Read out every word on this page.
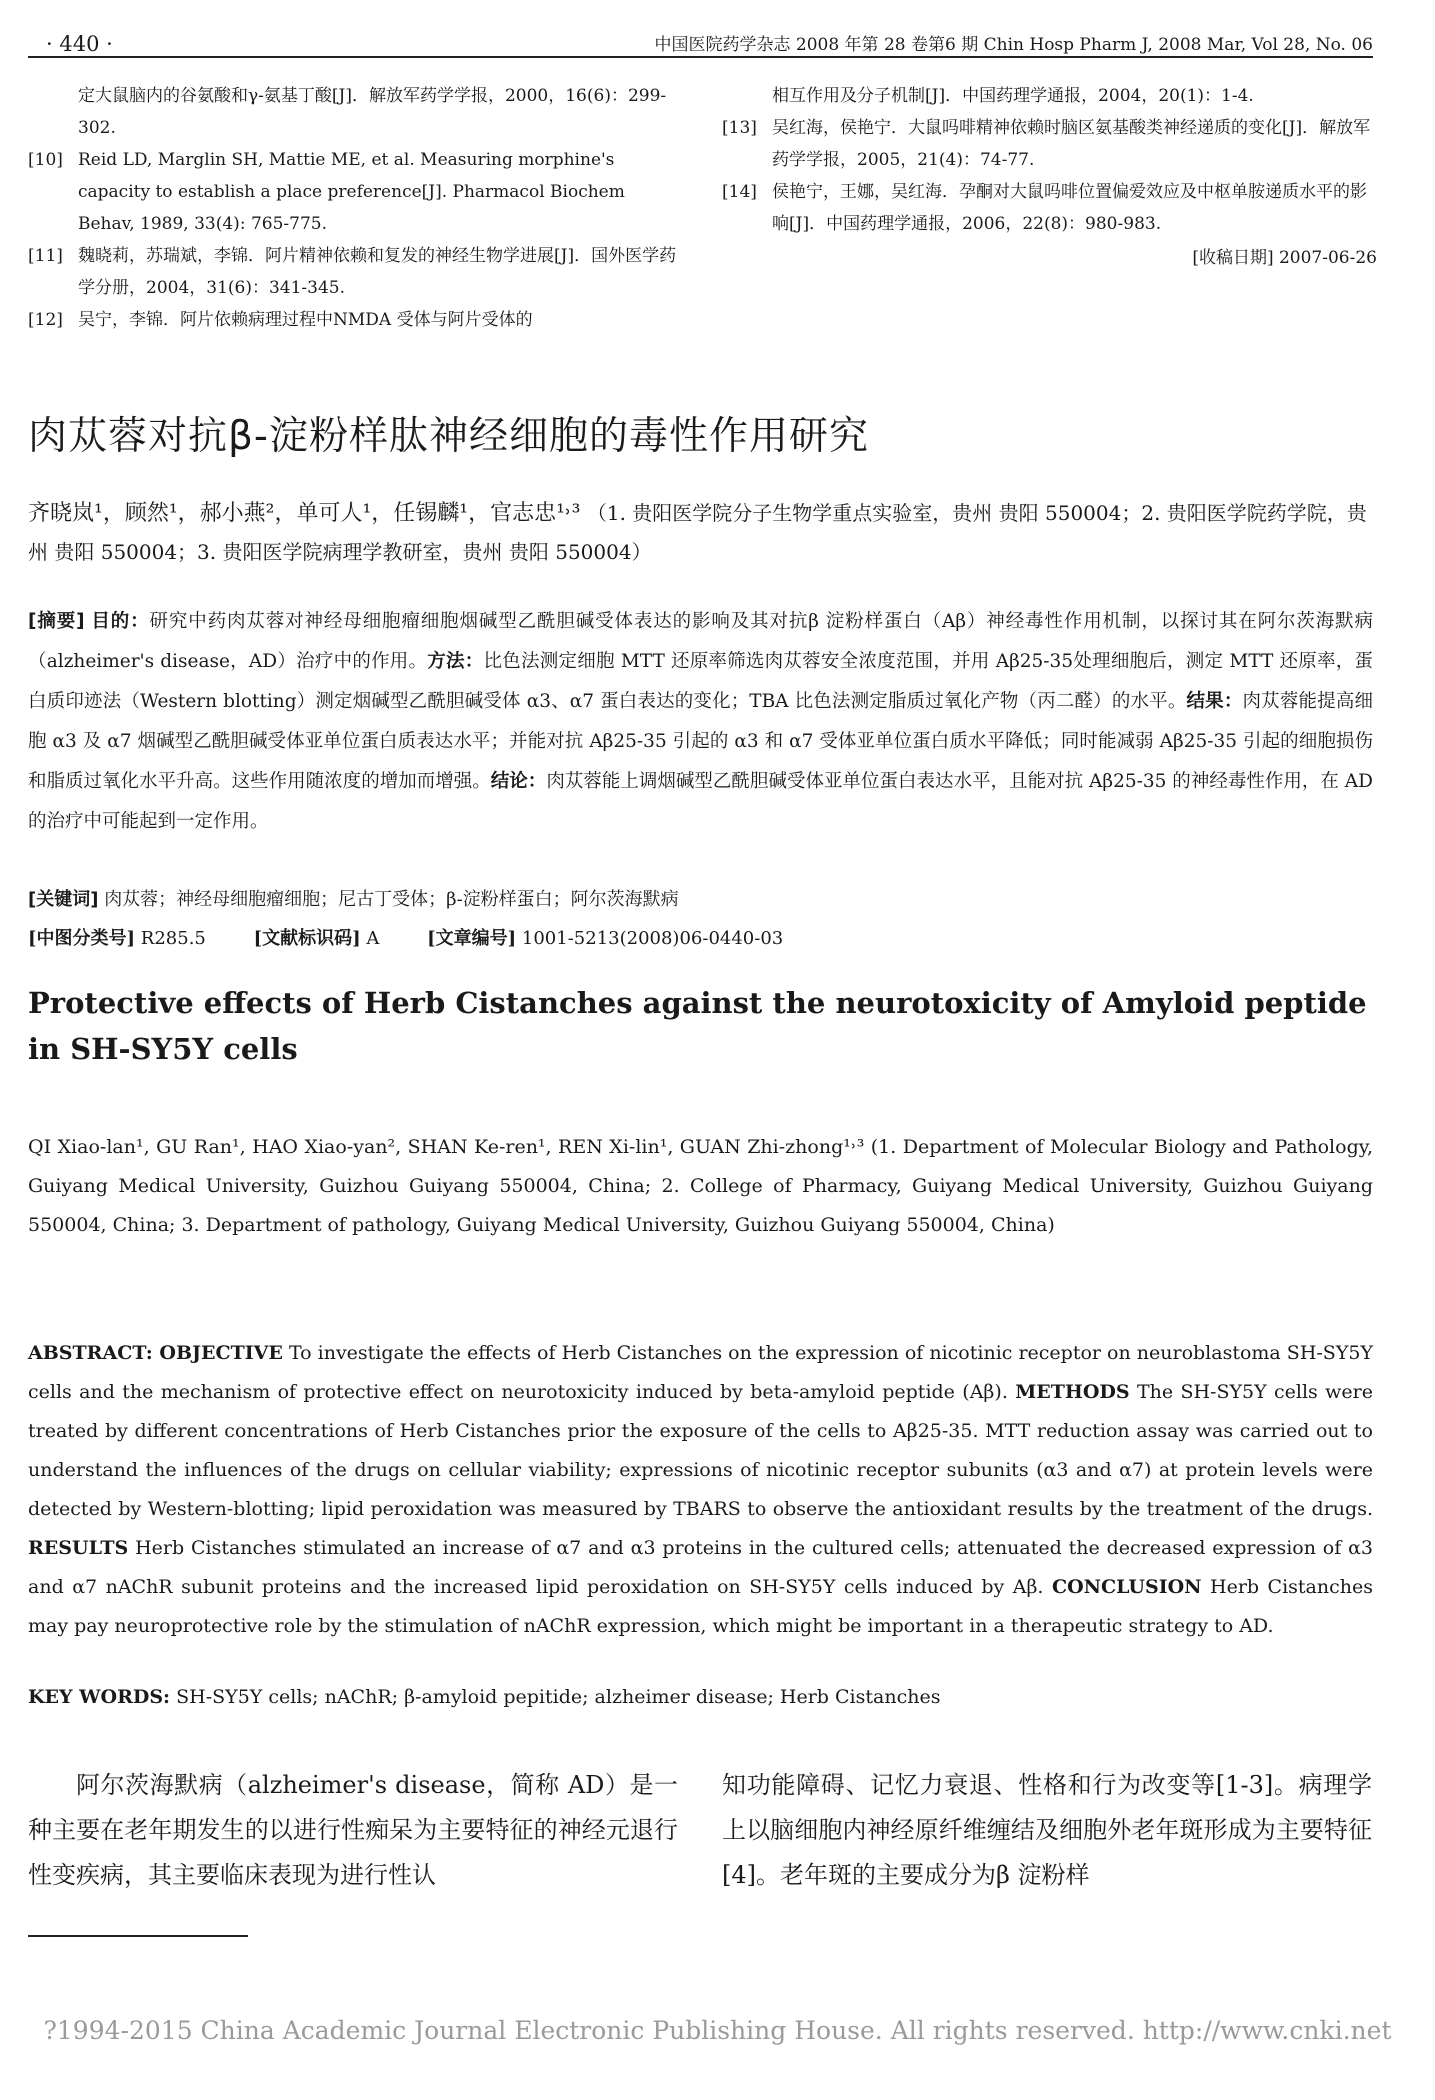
· 440 ·	中国医院药学杂志 2008 年第 28 卷第6 期 Chin Hosp Pharm J, 2008 Mar, Vol 28, No. 06
定大鼠脑内的谷氨酸和γ-氨基丁酸[J]．解放军药学学报，2000，16(6)：299-302.
[10] Reid LD, Marglin SH, Mattie ME, et al. Measuring morphine's capacity to establish a place preference[J]. Pharmacol Biochem Behav, 1989, 33(4): 765-775.
[11] 魏晓莉，苏瑞斌，李锦．阿片精神依赖和复发的神经生物学进展[J]．国外医学药学分册，2004，31(6)：341-345.
[12] 吴宁，李锦．阿片依赖病理过程中NMDA 受体与阿片受体的
相互作用及分子机制[J]．中国药理学通报，2004，20(1)：1-4.
[13] 吴红海，侯艳宁．大鼠吗啡精神依赖时脑区氨基酸类神经递质的变化[J]．解放军药学学报，2005，21(4)：74-77.
[14] 侯艳宁，王娜，吴红海．孕酮对大鼠吗啡位置偏爱效应及中枢单胺递质水平的影响[J]．中国药理学通报，2006，22(8)：980-983.
[收稿日期] 2007-06-26
肉苁蓉对抗β-淀粉样肽神经细胞的毒性作用研究
齐晓岚¹，顾然¹，郝小燕²，单可人¹，任锡麟¹，官志忠¹˒³ （1. 贵阳医学院分子生物学重点实验室，贵州 贵阳 550004；2. 贵阳医学院药学院，贵州 贵阳 550004；3. 贵阳医学院病理学教研室，贵州 贵阳 550004）
[摘要] 目的：研究中药肉苁蓉对神经母细胞瘤细胞烟碱型乙酰胆碱受体表达的影响及其对抗β 淀粉样蛋白（Aβ）神经毒性作用机制，以探讨其在阿尔茨海默病（alzheimer's disease，AD）治疗中的作用。方法：比色法测定细胞 MTT 还原率筛选肉苁蓉安全浓度范围，并用 Aβ25-35处理细胞后，测定 MTT 还原率，蛋白质印迹法（Western blotting）测定烟碱型乙酰胆碱受体 α3、α7 蛋白表达的变化；TBA 比色法测定脂质过氧化产物（丙二醛）的水平。结果：肉苁蓉能提高细胞 α3 及 α7 烟碱型乙酰胆碱受体亚单位蛋白质表达水平；并能对抗 Aβ25-35 引起的 α3 和 α7 受体亚单位蛋白质水平降低；同时能减弱 Aβ25-35 引起的细胞损伤和脂质过氧化水平升高。这些作用随浓度的增加而增强。结论：肉苁蓉能上调烟碱型乙酰胆碱受体亚单位蛋白表达水平，且能对抗 Aβ25-35 的神经毒性作用，在 AD 的治疗中可能起到一定作用。
[关键词] 肉苁蓉；神经母细胞瘤细胞；尼古丁受体；β-淀粉样蛋白；阿尔茨海默病
[中图分类号] R285.5	[文献标识码] A	[文章编号] 1001-5213(2008)06-0440-03
Protective effects of Herb Cistanches against the neurotoxicity of Amyloid peptide in SH-SY5Y cells
QI Xiao-lan¹, GU Ran¹, HAO Xiao-yan², SHAN Ke-ren¹, REN Xi-lin¹, GUAN Zhi-zhong¹˒³ (1. Department of Molecular Biology and Pathology, Guiyang Medical University, Guizhou Guiyang 550004, China; 2. College of Pharmacy, Guiyang Medical University, Guizhou Guiyang 550004, China; 3. Department of pathology, Guiyang Medical University, Guizhou Guiyang 550004, China)
ABSTRACT: OBJECTIVE To investigate the effects of Herb Cistanches on the expression of nicotinic receptor on neuroblastoma SH-SY5Y cells and the mechanism of protective effect on neurotoxicity induced by beta-amyloid peptide (Aβ). METHODS The SH-SY5Y cells were treated by different concentrations of Herb Cistanches prior the exposure of the cells to Aβ25-35. MTT reduction assay was carried out to understand the influences of the drugs on cellular viability; expressions of nicotinic receptor subunits (α3 and α7) at protein levels were detected by Western-blotting; lipid peroxidation was measured by TBARS to observe the antioxidant results by the treatment of the drugs. RESULTS Herb Cistanches stimulated an increase of α7 and α3 proteins in the cultured cells; attenuated the decreased expression of α3 and α7 nAChR subunit proteins and the increased lipid peroxidation on SH-SY5Y cells induced by Aβ. CONCLUSION Herb Cistanches may pay neuroprotective role by the stimulation of nAChR expression, which might be important in a therapeutic strategy to AD.
KEY WORDS: SH-SY5Y cells; nAChR; β-amyloid pepitide; alzheimer disease; Herb Cistanches
阿尔茨海默病（alzheimer's disease，简称 AD）是一种主要在老年期发生的以进行性痴呆为主要特征的神经元退行性变疾病，其主要临床表现为进行性认
知功能障碍、记忆力衰退、性格和行为改变等[1-3]。病理学上以脑细胞内神经原纤维缠结及细胞外老年斑形成为主要特征[4]。老年斑的主要成分为β 淀粉样
?1994-2015 China Academic Journal Electronic Publishing House. All rights reserved. http://www.cnki.net
